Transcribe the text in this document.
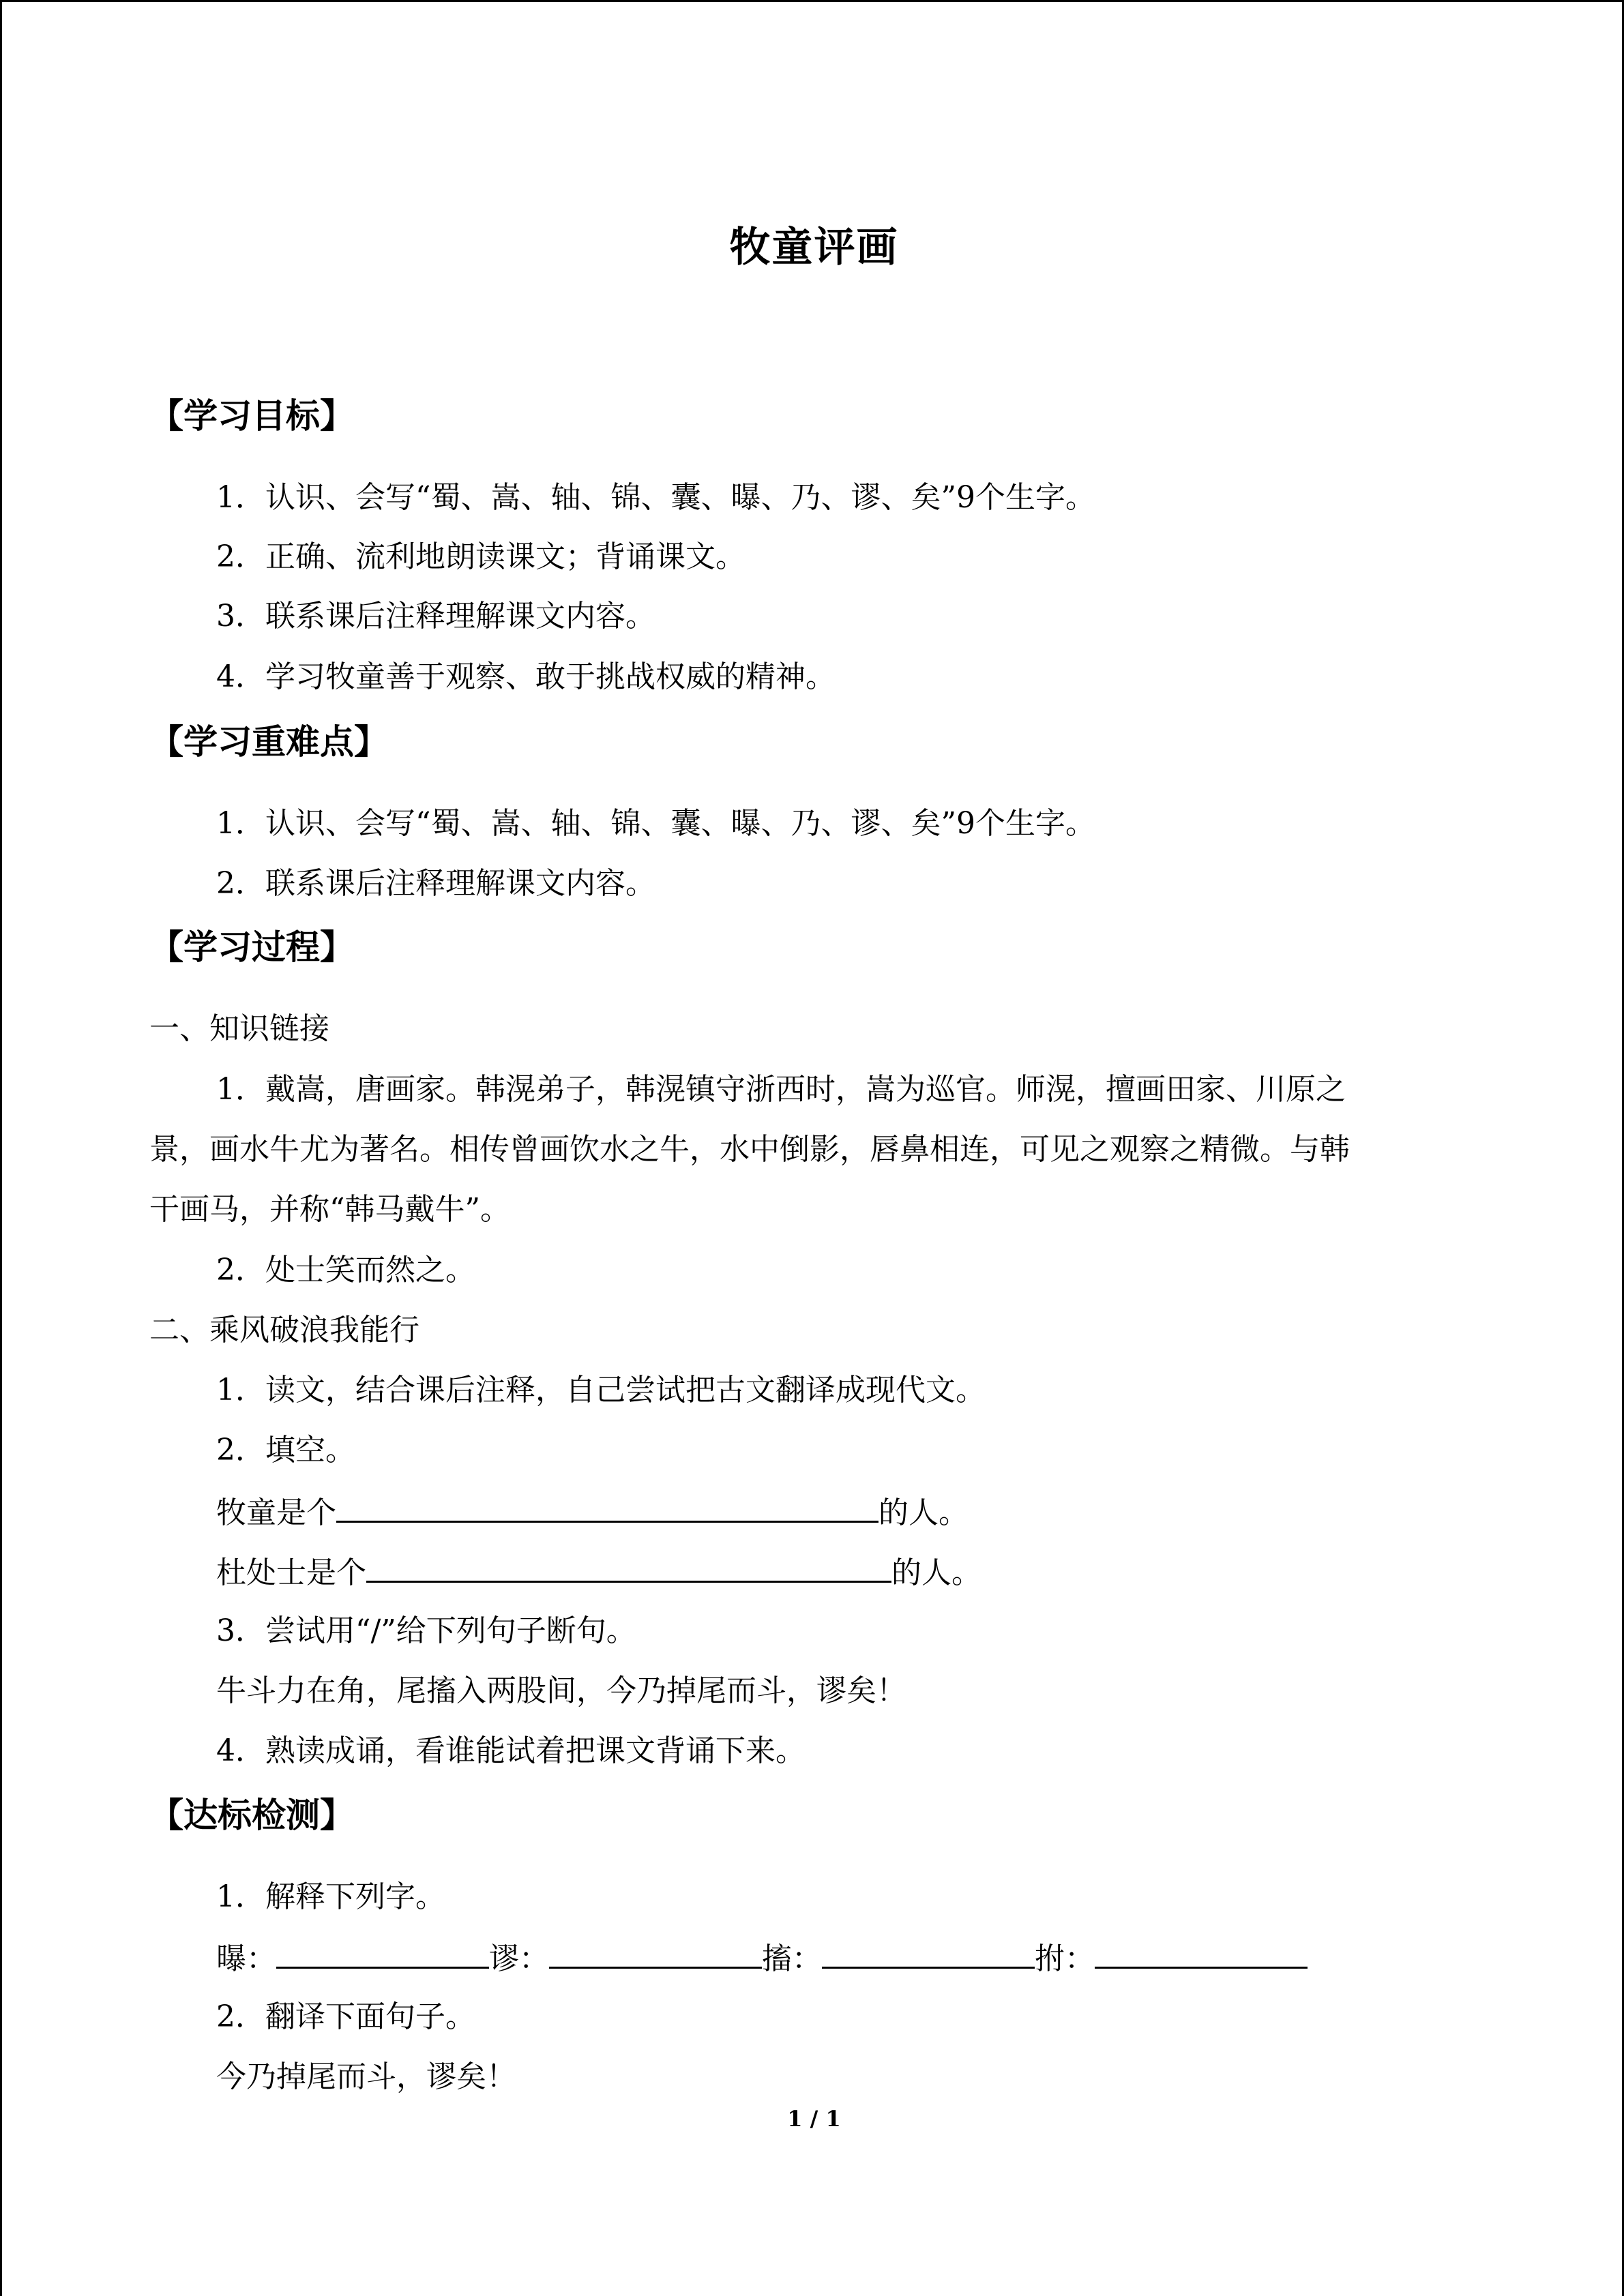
牧童评画
【学习目标】
1．认识、会写“蜀、嵩、轴、锦、囊、曝、乃、谬、矣”9个生字。
2．正确、流利地朗读课文；背诵课文。
3．联系课后注释理解课文内容。
4．学习牧童善于观察、敢于挑战权威的精神。
【学习重难点】
1．认识、会写“蜀、嵩、轴、锦、囊、曝、乃、谬、矣”9个生字。
2．联系课后注释理解课文内容。
【学习过程】
一、知识链接
1．戴嵩，唐画家。韩滉弟子，韩滉镇守浙西时，嵩为巡官。师滉，擅画田家、川原之
景，画水牛尤为著名。相传曾画饮水之牛，水中倒影，唇鼻相连，可见之观察之精微。与韩
干画马，并称“韩马戴牛”。
2．处士笑而然之。
二、乘风破浪我能行
1．读文，结合课后注释，自己尝试把古文翻译成现代文。
2．填空。
牧童是个	的人。
杜处士是个	的人。
3．尝试用“/”给下列句子断句。
牛斗力在角，尾搐入两股间，今乃掉尾而斗，谬矣！
4．熟读成诵，看谁能试着把课文背诵下来。
【达标检测】
1．解释下列字。
曝：	谬：	搐：	拊：
2．翻译下面句子。
今乃掉尾而斗，谬矣！
1 / 1
